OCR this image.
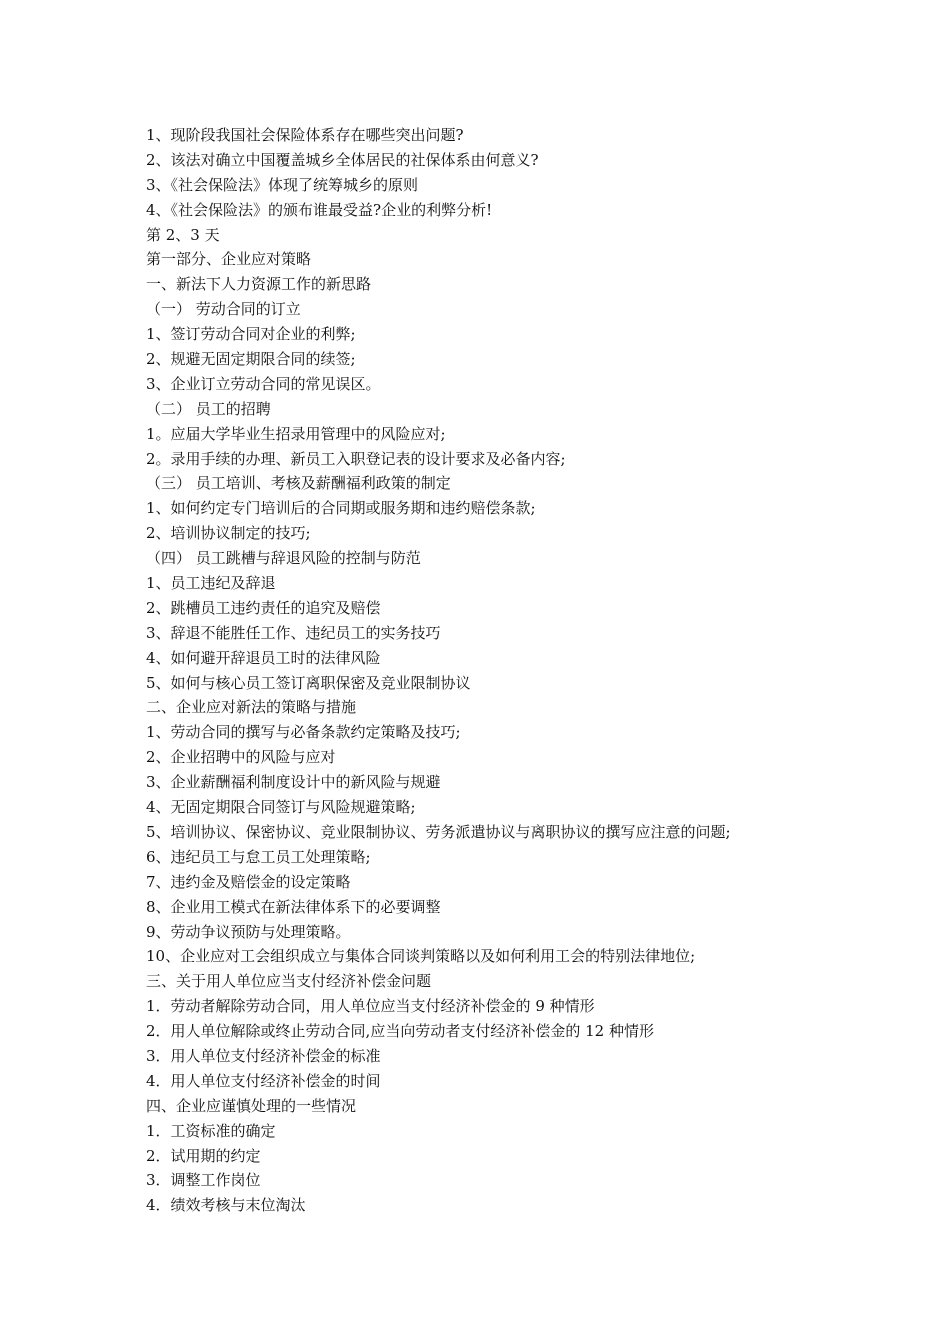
1、现阶段我国社会保险体系存在哪些突出问题?
2、该法对确立中国覆盖城乡全体居民的社保体系由何意义?
3、《社会保险法》体现了统筹城乡的原则
4、《社会保险法》的颁布谁最受益?企业的利弊分析!
第 2、3 天
第一部分、企业应对策略
一、新法下人力资源工作的新思路
（一） 劳动合同的订立
1、签订劳动合同对企业的利弊;
2、规避无固定期限合同的续签;
3、企业订立劳动合同的常见误区。
（二） 员工的招聘
1。应届大学毕业生招录用管理中的风险应对;
2。录用手续的办理、新员工入职登记表的设计要求及必备内容;
（三） 员工培训、考核及薪酬福利政策的制定
1、如何约定专门培训后的合同期或服务期和违约赔偿条款;
2、培训协议制定的技巧;
（四） 员工跳槽与辞退风险的控制与防范
1、员工违纪及辞退
2、跳槽员工违约责任的追究及赔偿
3、辞退不能胜任工作、违纪员工的实务技巧
4、如何避开辞退员工时的法律风险
5、如何与核心员工签订离职保密及竞业限制协议
二、企业应对新法的策略与措施
1、劳动合同的撰写与必备条款约定策略及技巧;
2、企业招聘中的风险与应对
3、企业薪酬福利制度设计中的新风险与规避
4、无固定期限合同签订与风险规避策略;
5、培训协议、保密协议、竞业限制协议、劳务派遣协议与离职协议的撰写应注意的问题;
6、违纪员工与怠工员工处理策略;
7、违约金及赔偿金的设定策略
8、企业用工模式在新法律体系下的必要调整
9、劳动争议预防与处理策略。
10、企业应对工会组织成立与集体合同谈判策略以及如何利用工会的特别法律地位;
三、关于用人单位应当支付经济补偿金问题
1．劳动者解除劳动合同，用人单位应当支付经济补偿金的 9 种情形
2．用人单位解除或终止劳动合同,应当向劳动者支付经济补偿金的 12 种情形
3．用人单位支付经济补偿金的标准
4．用人单位支付经济补偿金的时间
四、企业应谨慎处理的一些情况
1．工资标准的确定
2．试用期的约定
3．调整工作岗位
4．绩效考核与末位淘汰
